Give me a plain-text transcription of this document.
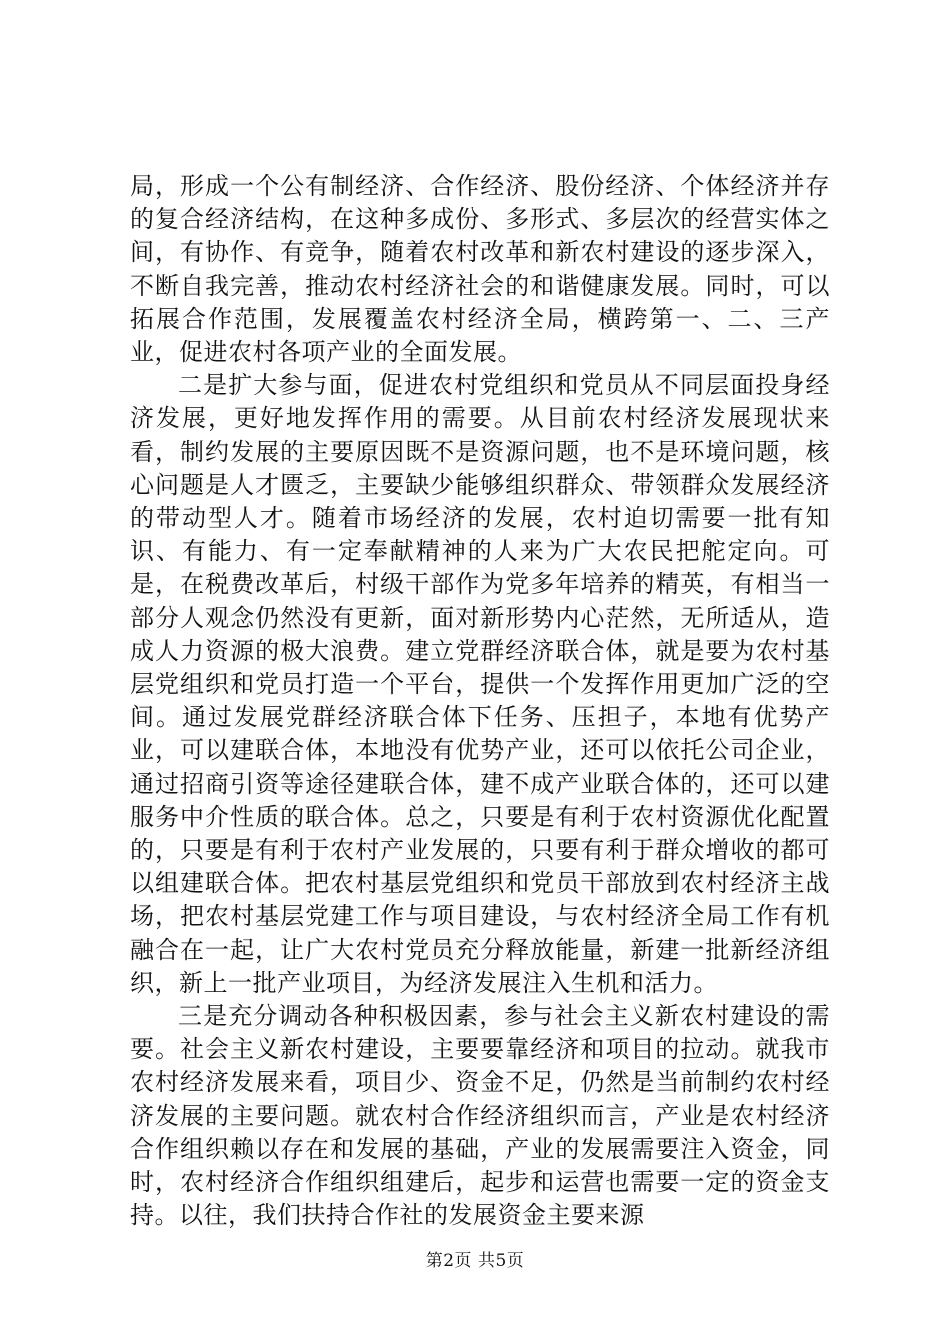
局，形成一个公有制经济、合作经济、股份经济、个体经济并存的复合经济结构，在这种多成份、多形式、多层次的经营实体之间，有协作、有竞争，随着农村改革和新农村建设的逐步深入，不断自我完善，推动农村经济社会的和谐健康发展。同时，可以拓展合作范围，发展覆盖农村经济全局，横跨第一、二、三产业，促进农村各项产业的全面发展。

二是扩大参与面，促进农村党组织和党员从不同层面投身经济发展，更好地发挥作用的需要。从目前农村经济发展现状来看，制约发展的主要原因既不是资源问题，也不是环境问题，核心问题是人才匮乏，主要缺少能够组织群众、带领群众发展经济的带动型人才。随着市场经济的发展，农村迫切需要一批有知识、有能力、有一定奉献精神的人来为广大农民把舵定向。可是，在税费改革后，村级干部作为党多年培养的精英，有相当一部分人观念仍然没有更新，面对新形势内心茫然，无所适从，造成人力资源的极大浪费。建立党群经济联合体，就是要为农村基层党组织和党员打造一个平台，提供一个发挥作用更加广泛的空间。通过发展党群经济联合体下任务、压担子，本地有优势产业，可以建联合体，本地没有优势产业，还可以依托公司企业，通过招商引资等途径建联合体，建不成产业联合体的，还可以建服务中介性质的联合体。总之，只要是有利于农村资源优化配置的，只要是有利于农村产业发展的，只要有利于群众增收的都可以组建联合体。把农村基层党组织和党员干部放到农村经济主战场，把农村基层党建工作与项目建设，与农村经济全局工作有机融合在一起，让广大农村党员充分释放能量，新建一批新经济组织，新上一批产业项目，为经济发展注入生机和活力。

三是充分调动各种积极因素，参与社会主义新农村建设的需要。社会主义新农村建设，主要要靠经济和项目的拉动。就我市农村经济发展来看，项目少、资金不足，仍然是当前制约农村经济发展的主要问题。就农村合作经济组织而言，产业是农村经济合作组织赖以存在和发展的基础，产业的发展需要注入资金，同时，农村经济合作组织组建后，起步和运营也需要一定的资金支持。以往，我们扶持合作社的发展资金主要来源

第2页 共5页
